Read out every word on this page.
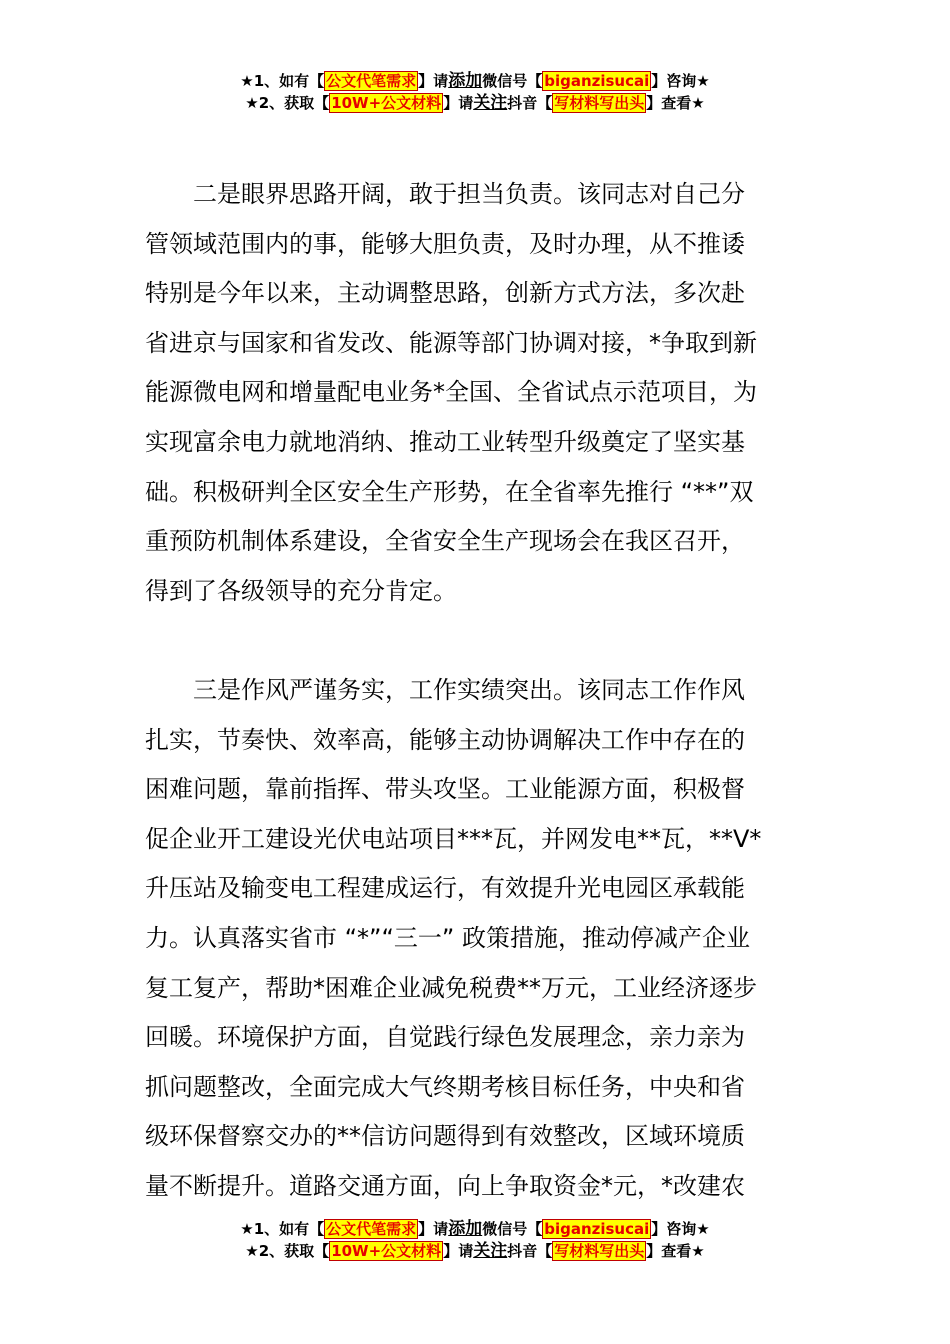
★1、如有【 公文代笔需求 】请添加微信号【 biganzisucai 】咨询★
★2、获取【 10W+公文材料 】请关注抖音【 写材料写出头 】查看★
二是眼界思路开阔，敢于担当负责。该同志对自己分
管领域范围内的事，能够大胆负责，及时办理，从不推诿
特别是今年以来，主动调整思路，创新方式方法，多次赴
省进京与国家和省发改、能源等部门协调对接，*争取到新
能源微电网和增量配电业务*全国、全省试点示范项目，为
实现富余电力就地消纳、推动工业转型升级奠定了坚实基
础。积极研判全区安全生产形势，在全省率先推行 “**”双
重预防机制体系建设，全省安全生产现场会在我区召开，
得到了各级领导的充分肯定。
三是作风严谨务实，工作实绩突出。该同志工作作风
扎实，节奏快、效率高，能够主动协调解决工作中存在的
困难问题，靠前指挥、带头攻坚。工业能源方面，积极督
促企业开工建设光伏电站项目***瓦，并网发电**瓦，**V*
升压站及输变电工程建成运行，有效提升光电园区承载能
力。认真落实省市 “*”“三一” 政策措施，推动停减产企业
复工复产，帮助*困难企业减免税费**万元，工业经济逐步
回暖。环境保护方面，自觉践行绿色发展理念，亲力亲为
抓问题整改，全面完成大气终期考核目标任务，中央和省
级环保督察交办的**信访问题得到有效整改，区域环境质
量不断提升。道路交通方面，向上争取资金*元，*改建农
★1、如有【 公文代笔需求 】请添加微信号【 biganzisucai 】咨询★
★2、获取【 10W+公文材料 】请关注抖音【 写材料写出头 】查看★
